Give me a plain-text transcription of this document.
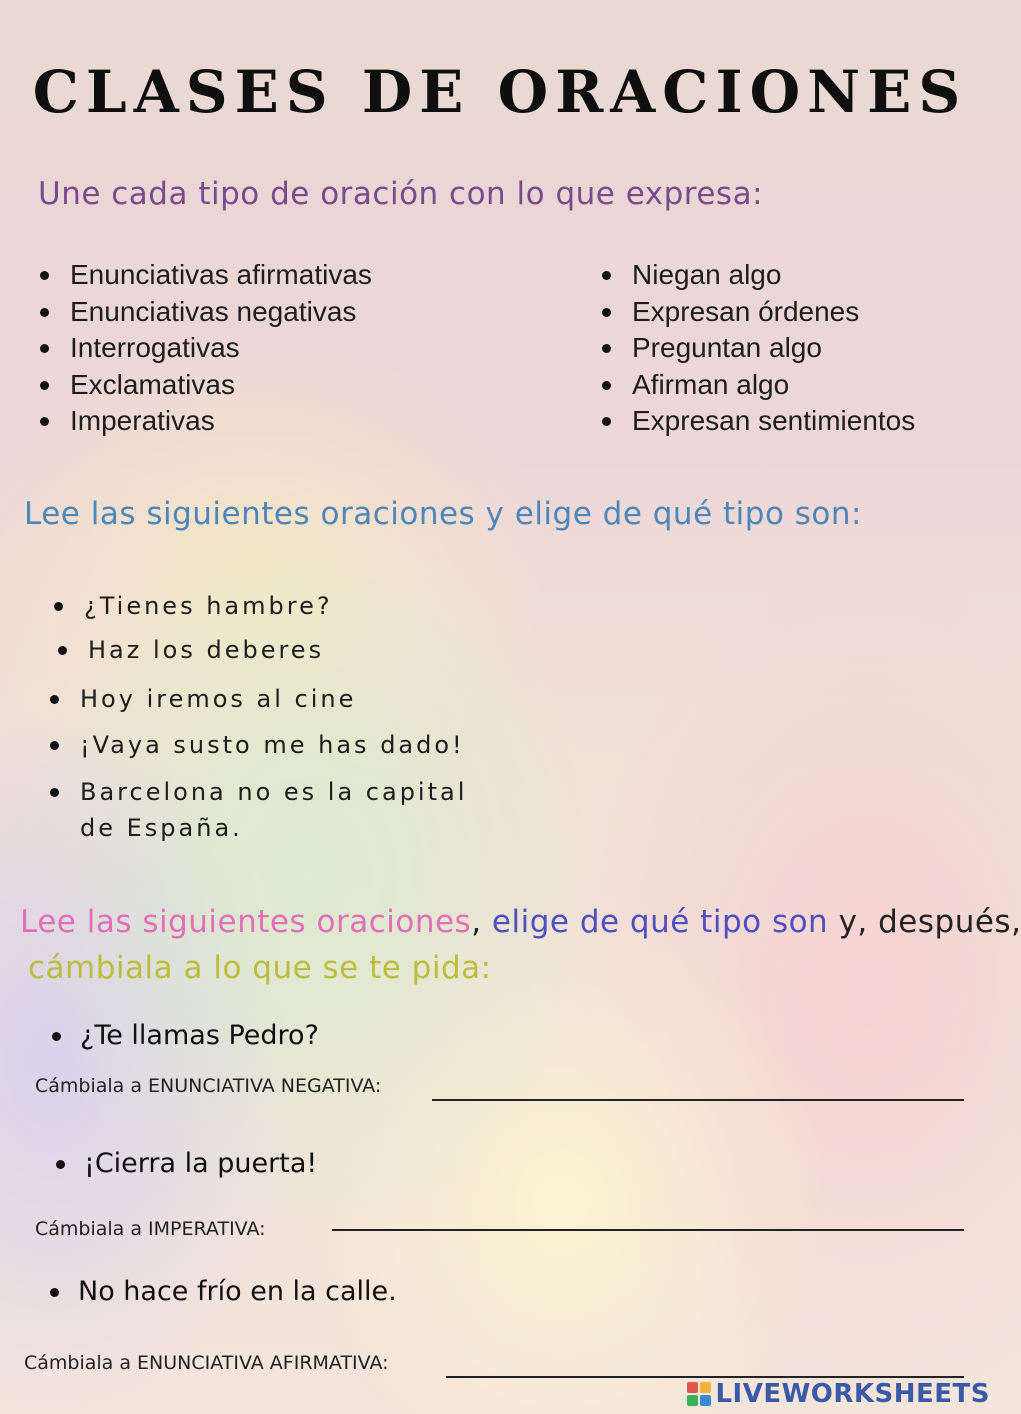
CLASES DE ORACIONES

Une cada tipo de oración con lo que expresa:

Enunciativas afirmativas
Enunciativas negativas
Interrogativas
Exclamativas
Imperativas
Niegan algo
Expresan órdenes
Preguntan algo
Afirman algo
Expresan sentimientos

Lee las siguientes oraciones y elige de qué tipo son:

¿Tienes hambre?
Haz los deberes
Hoy iremos al cine
¡Vaya susto me has dado!
Barcelona no es la capital

de España.

Lee las siguientes oraciones, elige de qué tipo son y, después,

cámbiala a lo que se te pida:

¿Te llamas Pedro?

Cámbiala a ENUNCIATIVA NEGATIVA:

¡Cierra la puerta!

Cámbiala a IMPERATIVA:

No hace frío en la calle.

Cámbiala a ENUNCIATIVA AFIRMATIVA:

LIVEWORKSHEETS
